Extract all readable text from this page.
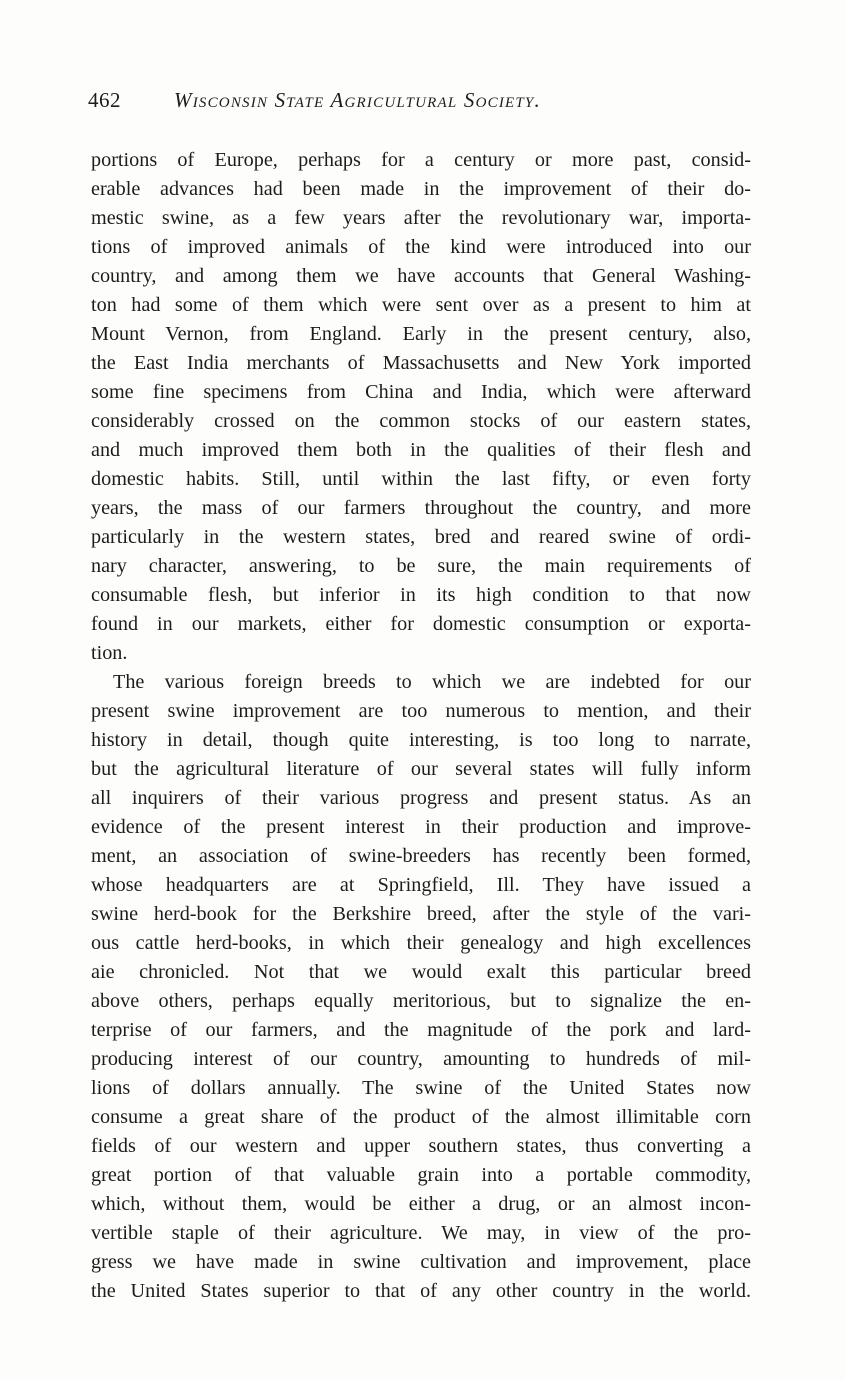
462	Wisconsin State Agricultural Society.
portions of Europe, perhaps for a century or more past, consid-
erable advances had been made in the improvement of their do-
mestic swine, as a few years after the revolutionary war, importa-
tions of improved animals of the kind were introduced into our
country, and among them we have accounts that General Washing-
ton had some of them which were sent over as a present to him at
Mount Vernon, from England. Early in the present century, also,
the East India merchants of Massachusetts and New York imported
some fine specimens from China and India, which were afterward
considerably crossed on the common stocks of our eastern states,
and much improved them both in the qualities of their flesh and
domestic habits. Still, until within the last fifty, or even forty
years, the mass of our farmers throughout the country, and more
particularly in the western states, bred and reared swine of ordi-
nary character, answering, to be sure, the main requirements of
consumable flesh, but inferior in its high condition to that now
found in our markets, either for domestic consumption or exporta-
tion.
The various foreign breeds to which we are indebted for our
present swine improvement are too numerous to mention, and their
history in detail, though quite interesting, is too long to narrate,
but the agricultural literature of our several states will fully inform
all inquirers of their various progress and present status. As an
evidence of the present interest in their production and improve-
ment, an association of swine-breeders has recently been formed,
whose headquarters are at Springfield, Ill. They have issued a
swine herd-book for the Berkshire breed, after the style of the vari-
ous cattle herd-books, in which their genealogy and high excellences
aie chronicled. Not that we would exalt this particular breed
above others, perhaps equally meritorious, but to signalize the en-
terprise of our farmers, and the magnitude of the pork and lard-
producing interest of our country, amounting to hundreds of mil-
lions of dollars annually. The swine of the United States now
consume a great share of the product of the almost illimitable corn
fields of our western and upper southern states, thus converting a
great portion of that valuable grain into a portable commodity,
which, without them, would be either a drug, or an almost incon-
vertible staple of their agriculture. We may, in view of the pro-
gress we have made in swine cultivation and improvement, place
the United States superior to that of any other country in the world.
